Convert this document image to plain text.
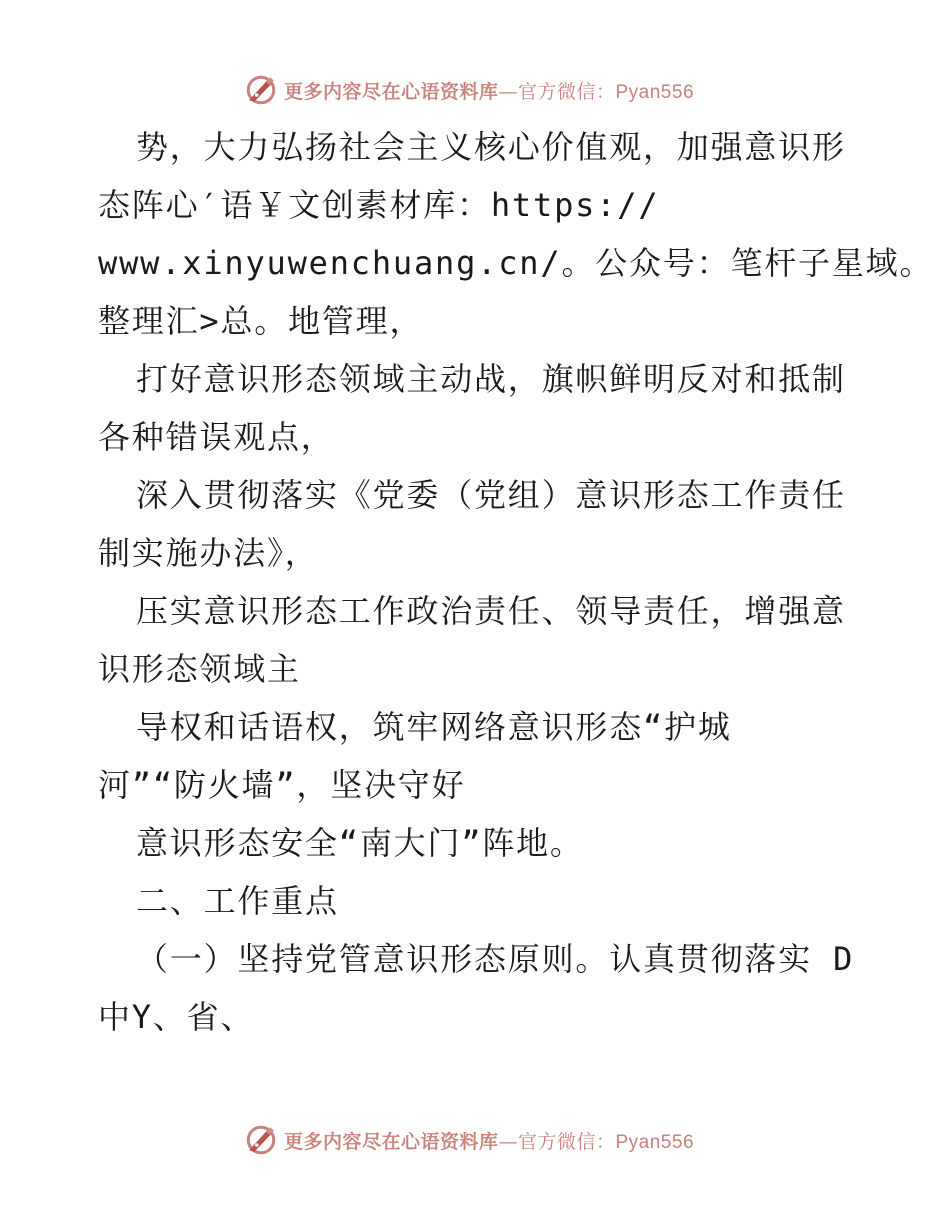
更多内容尽在心语资料库—官方微信：Pyan556
势，大力弘扬社会主义核心价值观，加强意识形
态阵心′语￥文创素材库：https://
www.xinyuwenchuang.cn/。公众号：笔杆子星域。
整理汇>总。地管理，
打好意识形态领域主动战，旗帜鲜明反对和抵制
各种错误观点，
深入贯彻落实《党委（党组）意识形态工作责任
制实施办法》，
压实意识形态工作政治责任、领导责任，增强意
识形态领域主
导权和话语权，筑牢网络意识形态“护城
河”“防火墙”，坚决守好
意识形态安全“南大门”阵地。
二、工作重点
（一）坚持党管意识形态原则。认真贯彻落实 D
中Y、省、
更多内容尽在心语资料库—官方微信：Pyan556
